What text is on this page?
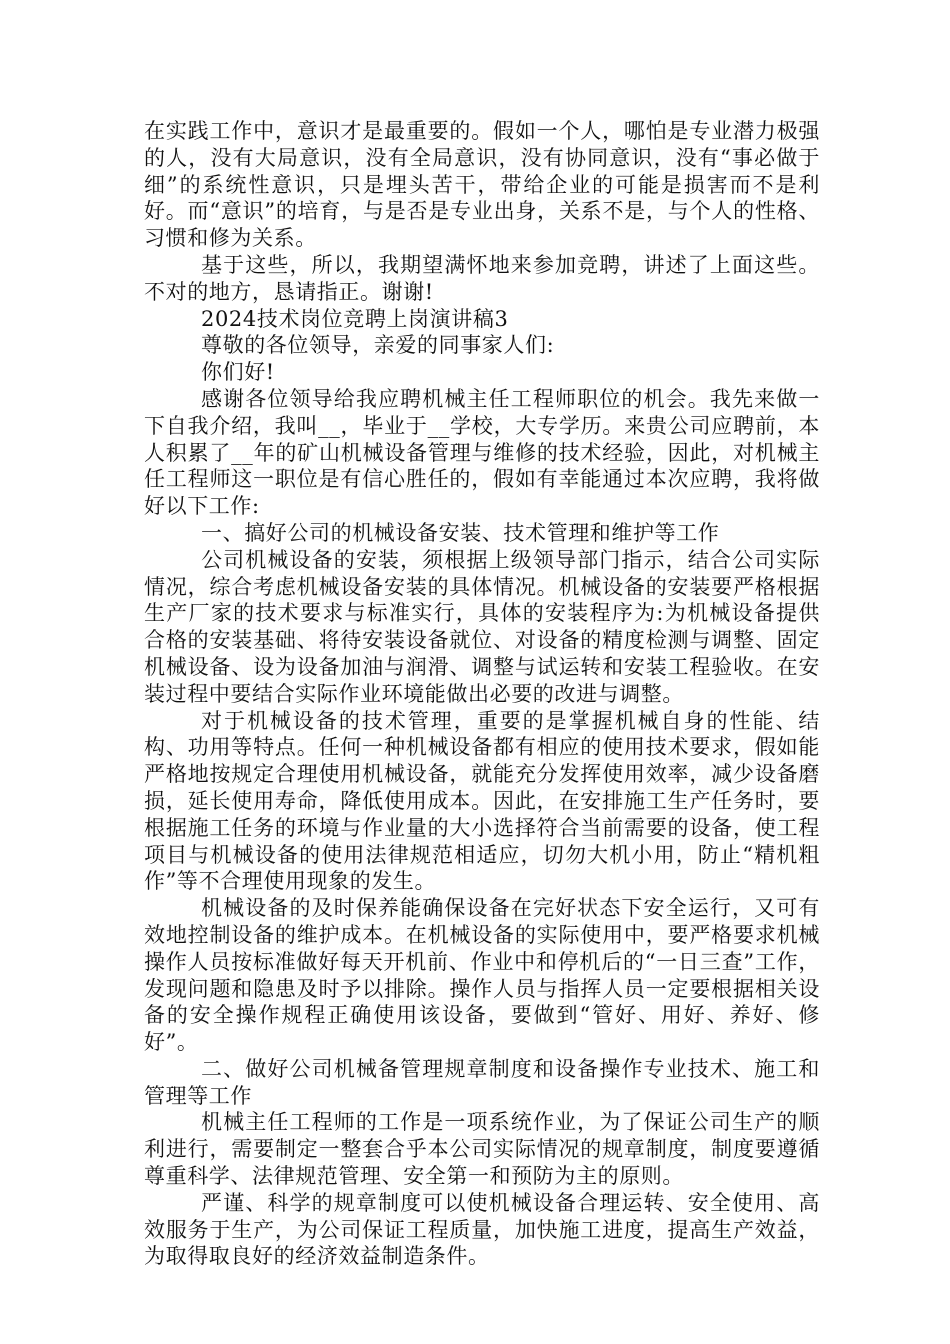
在实践工作中，意识才是最重要的。假如一个人，哪怕是专业潜力极强的人，没有大局意识，没有全局意识，没有协同意识，没有“事必做于细”的系统性意识，只是埋头苦干，带给企业的可能是损害而不是利好。而“意识”的培育，与是否是专业出身，关系不是，与个人的性格、习惯和修为关系。

基于这些，所以，我期望满怀地来参加竞聘，讲述了上面这些。不对的地方，恳请指正。谢谢!

2024技术岗位竞聘上岗演讲稿3

尊敬的各位领导，亲爱的同事家人们:

你们好!

感谢各位领导给我应聘机械主任工程师职位的机会。我先来做一下自我介绍，我叫__，毕业于__学校，大专学历。来贵公司应聘前，本人积累了__年的矿山机械设备管理与维修的技术经验，因此，对机械主任工程师这一职位是有信心胜任的，假如有幸能通过本次应聘，我将做好以下工作:

一、搞好公司的机械设备安装、技术管理和维护等工作

公司机械设备的安装，须根据上级领导部门指示，结合公司实际情况，综合考虑机械设备安装的具体情况。机械设备的安装要严格根据生产厂家的技术要求与标准实行，具体的安装程序为:为机械设备提供合格的安装基础、将待安装设备就位、对设备的精度检测与调整、固定机械设备、设为设备加油与润滑、调整与试运转和安装工程验收。在安装过程中要结合实际作业环境能做出必要的改进与调整。

对于机械设备的技术管理，重要的是掌握机械自身的性能、结构、功用等特点。任何一种机械设备都有相应的使用技术要求，假如能严格地按规定合理使用机械设备，就能充分发挥使用效率，减少设备磨损，延长使用寿命，降低使用成本。因此，在安排施工生产任务时，要根据施工任务的环境与作业量的大小选择符合当前需要的设备，使工程项目与机械设备的使用法律规范相适应，切勿大机小用，防止“精机粗作”等不合理使用现象的发生。

机械设备的及时保养能确保设备在完好状态下安全运行，又可有效地控制设备的维护成本。在机械设备的实际使用中，要严格要求机械操作人员按标准做好每天开机前、作业中和停机后的“一日三查”工作，发现问题和隐患及时予以排除。操作人员与指挥人员一定要根据相关设备的安全操作规程正确使用该设备，要做到“管好、用好、养好、修好”。

二、做好公司机械备管理规章制度和设备操作专业技术、施工和管理等工作

机械主任工程师的工作是一项系统作业，为了保证公司生产的顺利进行，需要制定一整套合乎本公司实际情况的规章制度，制度要遵循尊重科学、法律规范管理、安全第一和预防为主的原则。

严谨、科学的规章制度可以使机械设备合理运转、安全使用、高效服务于生产，为公司保证工程质量，加快施工进度，提高生产效益，为取得取良好的经济效益制造条件。
